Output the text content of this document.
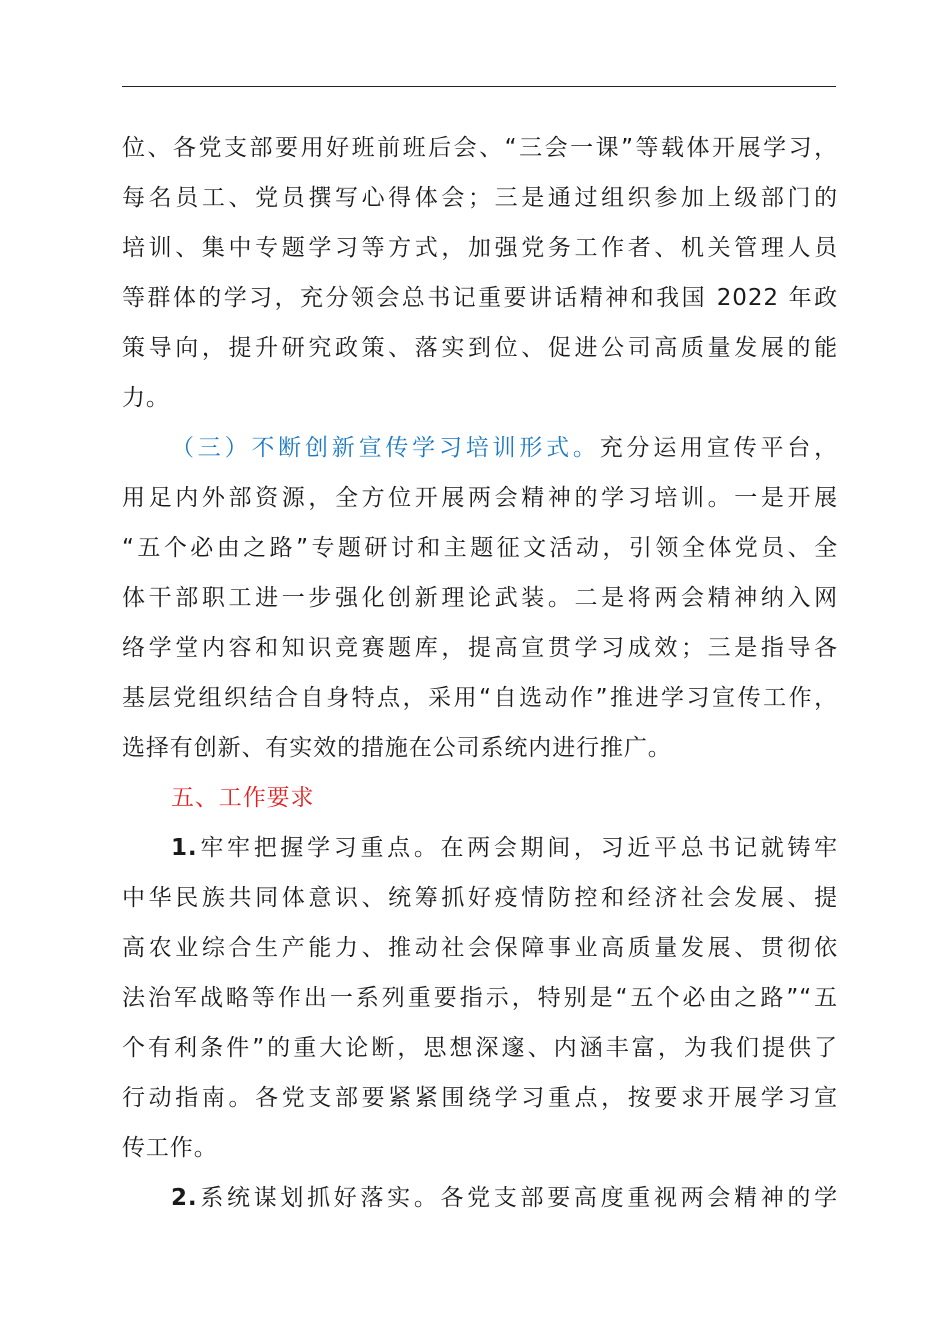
位、各党支部要用好班前班后会、“三会一课”等载体开展学习，
每名员工、党员撰写心得体会；三是通过组织参加上级部门的
培训、集中专题学习等方式，加强党务工作者、机关管理人员
等群体的学习，充分领会总书记重要讲话精神和我国 2022 年政
策导向，提升研究政策、落实到位、促进公司高质量发展的能
力。
（三）不断创新宣传学习培训形式。充分运用宣传平台，
用足内外部资源，全方位开展两会精神的学习培训。一是开展
“五个必由之路”专题研讨和主题征文活动，引领全体党员、全
体干部职工进一步强化创新理论武装。二是将两会精神纳入网
络学堂内容和知识竞赛题库，提高宣贯学习成效；三是指导各
基层党组织结合自身特点，采用“自选动作”推进学习宣传工作，
选择有创新、有实效的措施在公司系统内进行推广。
五、工作要求
1.牢牢把握学习重点。在两会期间，习近平总书记就铸牢
中华民族共同体意识、统筹抓好疫情防控和经济社会发展、提
高农业综合生产能力、推动社会保障事业高质量发展、贯彻依
法治军战略等作出一系列重要指示，特别是“五个必由之路”“五
个有利条件”的重大论断，思想深邃、内涵丰富，为我们提供了
行动指南。各党支部要紧紧围绕学习重点，按要求开展学习宣
传工作。
2.系统谋划抓好落实。各党支部要高度重视两会精神的学
